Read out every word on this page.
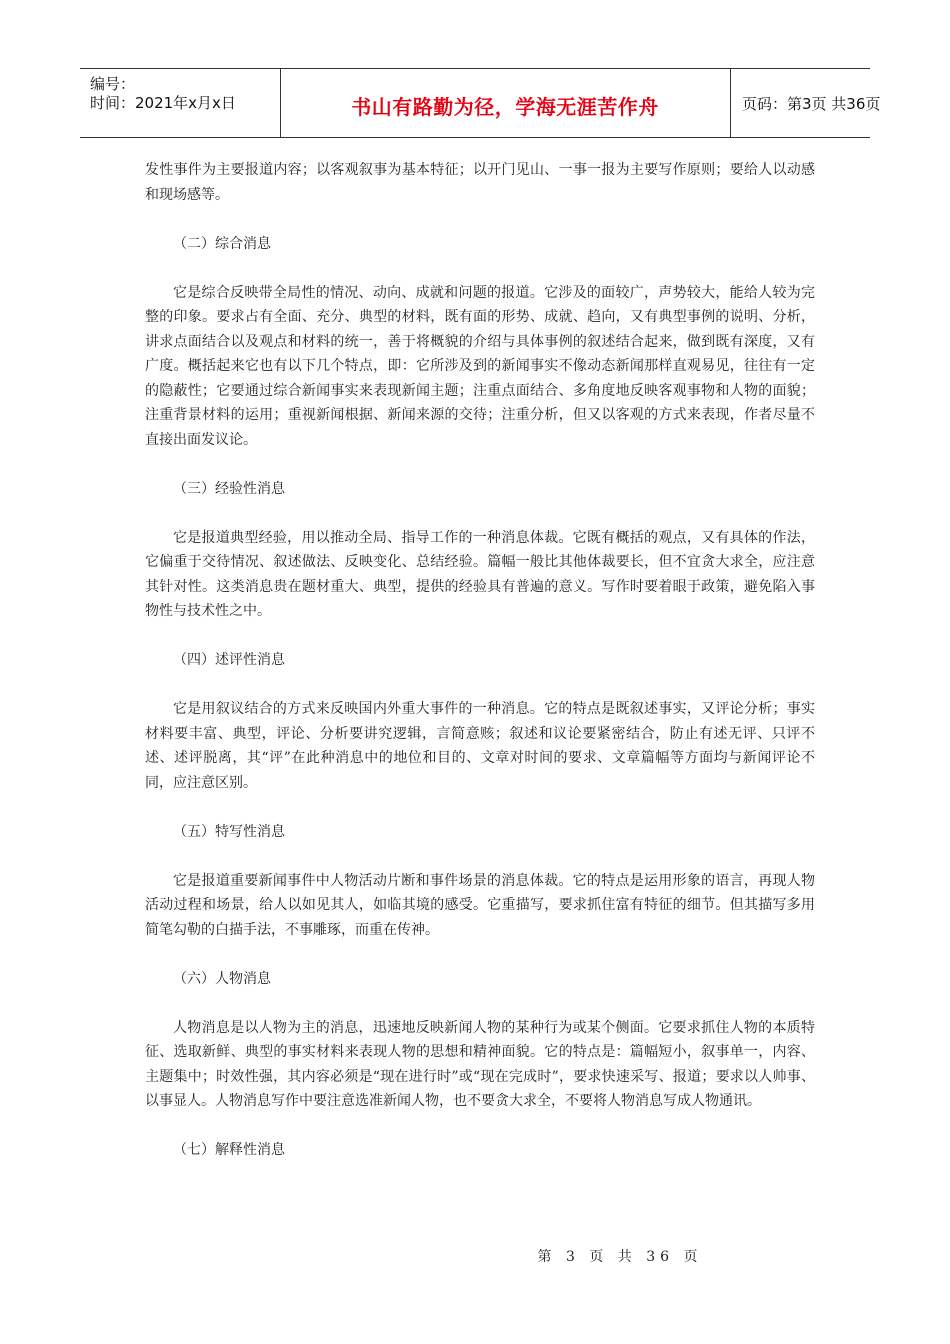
编号：
时间：2021年x月x日	书山有路勤为径，学海无涯苦作舟	页码：第3页 共36页

发性事件为主要报道内容；以客观叙事为基本特征；以开门见山、一事一报为主要写作原则；要给人以动感和现场感等。

（二）综合消息

它是综合反映带全局性的情况、动向、成就和问题的报道。它涉及的面较广，声势较大，能给人较为完整的印象。要求占有全面、充分、典型的材料，既有面的形势、成就、趋向，又有典型事例的说明、分析，讲求点面结合以及观点和材料的统一，善于将概貌的介绍与具体事例的叙述结合起来，做到既有深度，又有广度。概括起来它也有以下几个特点，即：它所涉及到的新闻事实不像动态新闻那样直观易见，往往有一定的隐蔽性；它要通过综合新闻事实来表现新闻主题；注重点面结合、多角度地反映客观事物和人物的面貌；注重背景材料的运用；重视新闻根据、新闻来源的交待；注重分析，但又以客观的方式来表现，作者尽量不直接出面发议论。

（三）经验性消息

它是报道典型经验，用以推动全局、指导工作的一种消息体裁。它既有概括的观点，又有具体的作法，它偏重于交待情况、叙述做法、反映变化、总结经验。篇幅一般比其他体裁要长，但不宜贪大求全，应注意其针对性。这类消息贵在题材重大、典型，提供的经验具有普遍的意义。写作时要着眼于政策，避免陷入事物性与技术性之中。

（四）述评性消息

它是用叙议结合的方式来反映国内外重大事件的一种消息。它的特点是既叙述事实，又评论分析；事实材料要丰富、典型，评论、分析要讲究逻辑，言简意赅；叙述和议论要紧密结合，防止有述无评、只评不述、述评脱离，其“评”在此种消息中的地位和目的、文章对时间的要求、文章篇幅等方面均与新闻评论不同，应注意区别。

（五）特写性消息

它是报道重要新闻事件中人物活动片断和事件场景的消息体裁。它的特点是运用形象的语言，再现人物活动过程和场景，给人以如见其人，如临其境的感受。它重描写，要求抓住富有特征的细节。但其描写多用简笔勾勒的白描手法，不事雕琢，而重在传神。

（六）人物消息

人物消息是以人物为主的消息，迅速地反映新闻人物的某种行为或某个侧面。它要求抓住人物的本质特征、选取新鲜、典型的事实材料来表现人物的思想和精神面貌。它的特点是：篇幅短小，叙事单一，内容、主题集中；时效性强，其内容必须是“现在进行时”或“现在完成时”，要求快速采写、报道；要求以人帅事、以事显人。人物消息写作中要注意选准新闻人物，也不要贪大求全，不要将人物消息写成人物通讯。

（七）解释性消息

第 3 页 共 36 页
